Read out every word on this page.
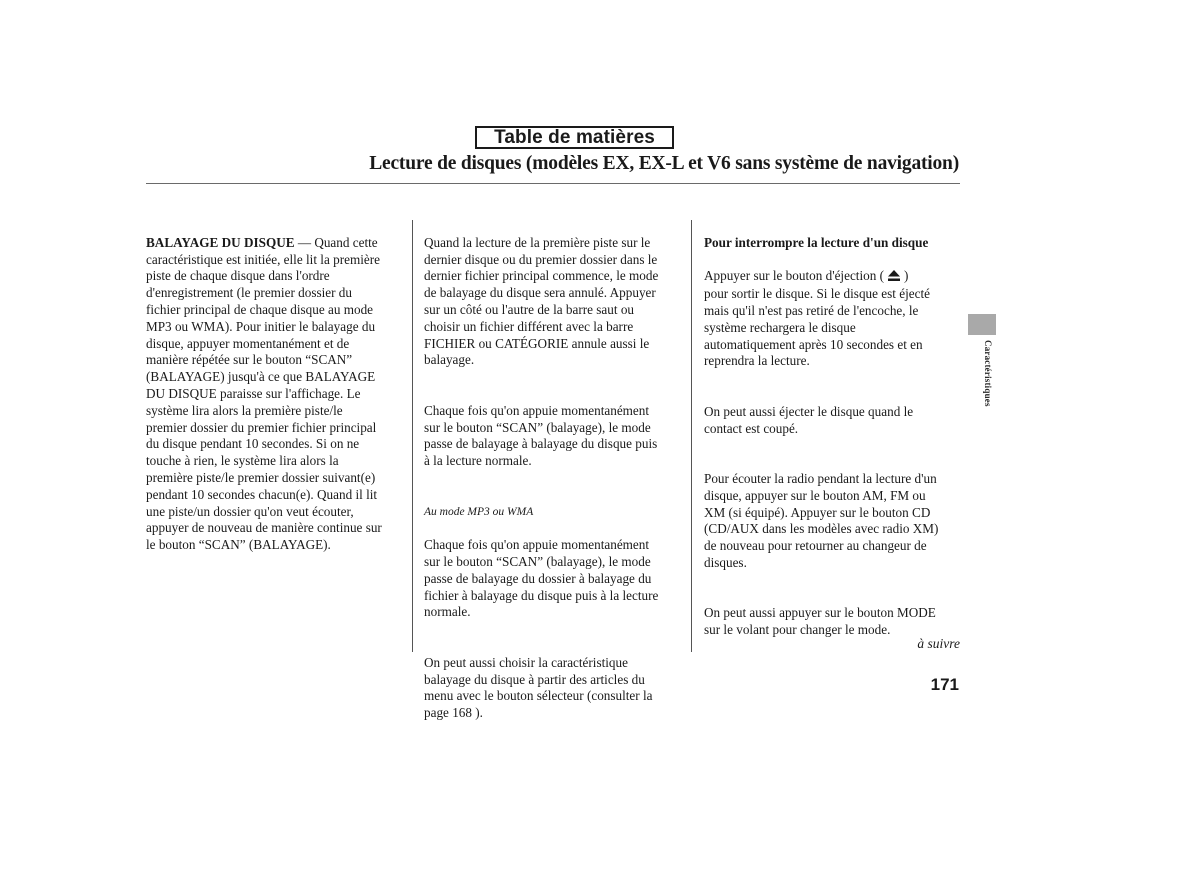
Table de matières
Lecture de disques (modèles EX, EX-L et V6 sans système de navigation)

BALAYAGE DU DISQUE — Quand cette
caractéristique est initiée, elle lit la première
piste de chaque disque dans l'ordre
d'enregistrement (le premier dossier du
fichier principal de chaque disque au mode
MP3 ou WMA). Pour initier le balayage du
disque, appuyer momentanément et de
manière répétée sur le bouton “SCAN”
(BALAYAGE) jusqu'à ce que BALAYAGE
DU DISQUE paraisse sur l'affichage. Le
système lira alors la première piste/le
premier dossier du premier fichier principal
du disque pendant 10 secondes. Si on ne
touche à rien, le système lira alors la
première piste/le premier dossier suivant(e)
pendant 10 secondes chacun(e). Quand il lit
une piste/un dossier qu'on veut écouter,
appuyer de nouveau de manière continue sur
le bouton “SCAN” (BALAYAGE).

Quand la lecture de la première piste sur le
dernier disque ou du premier dossier dans le
dernier fichier principal commence, le mode
de balayage du disque sera annulé. Appuyer
sur un côté ou l'autre de la barre saut ou
choisir un fichier différent avec la barre
FICHIER ou CATÉGORIE annule aussi le
balayage.

Chaque fois qu'on appuie momentanément
sur le bouton “SCAN” (balayage), le mode
passe de balayage à balayage du disque puis
à la lecture normale.

Au mode MP3 ou WMA

Chaque fois qu'on appuie momentanément
sur le bouton “SCAN” (balayage), le mode
passe de balayage du dossier à balayage du
fichier à balayage du disque puis à la lecture
normale.

On peut aussi choisir la caractéristique
balayage du disque à partir des articles du
menu avec le bouton sélecteur (consulter la
page 168 ).

Pour interrompre la lecture d'un disque

Appuyer sur le bouton d'éjection ( )
pour sortir le disque. Si le disque est éjecté
mais qu'il n'est pas retiré de l'encoche, le
système rechargera le disque
automatiquement après 10 secondes et en
reprendra la lecture.

On peut aussi éjecter le disque quand le
contact est coupé.

Pour écouter la radio pendant la lecture d'un
disque, appuyer sur le bouton AM, FM ou
XM (si équipé). Appuyer sur le bouton CD
(CD/AUX dans les modèles avec radio XM)
de nouveau pour retourner au changeur de
disques.

On peut aussi appuyer sur le bouton MODE
sur le volant pour changer le mode.

à suivre
171
Caractéristiques
